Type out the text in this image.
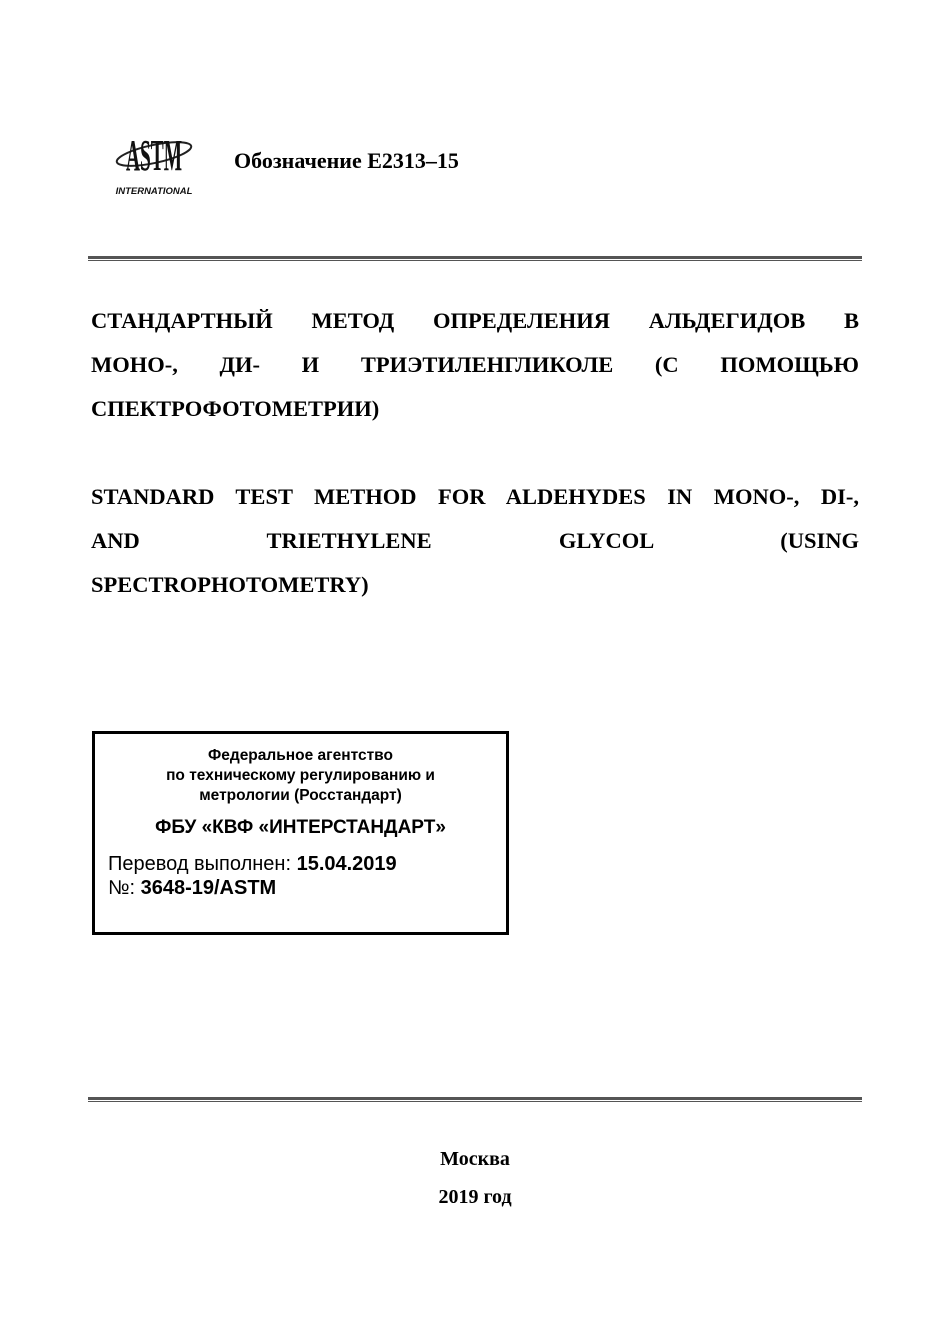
ASTM
INTERNATIONAL
Обозначение E2313–15
СТАНДАРТНЫЙ МЕТОД ОПРЕДЕЛЕНИЯ АЛЬДЕГИДОВ В
МОНО-, ДИ- И ТРИЭТИЛЕНГЛИКОЛЕ (С ПОМОЩЬЮ
СПЕКТРОФОТОМЕТРИИ)
STANDARD TEST METHOD FOR ALDEHYDES IN MONO-, DI-,
AND TRIETHYLENE GLYCOL (USING
SPECTROPHOTOMETRY)
Федеральное агентство
по техническому регулированию и
метрологии (Росстандарт)
ФБУ «КВФ «ИНТЕРСТАНДАРТ»
Перевод выполнен: 15.04.2019
№: 3648-19/ASTM
Москва
2019 год
